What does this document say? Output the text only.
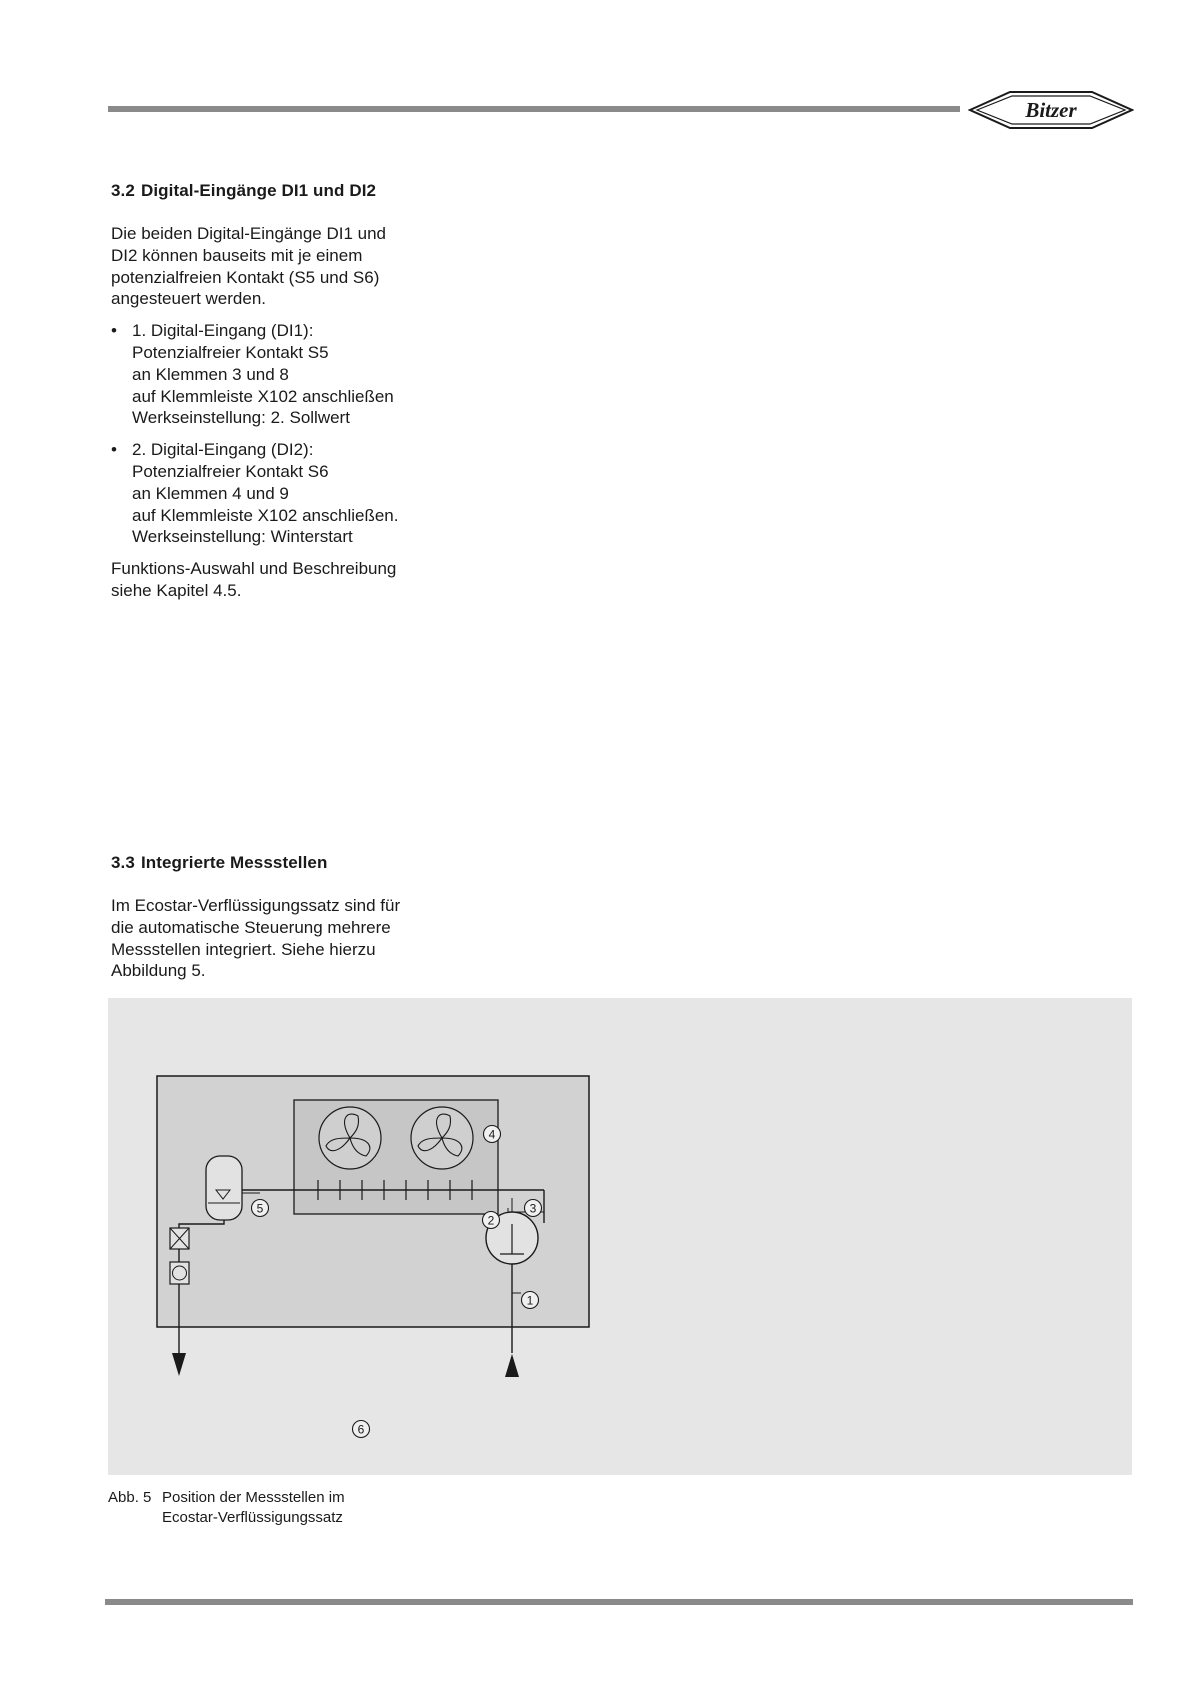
Bitzer
3.2 Digital-Eingänge DI1 und DI2

Die beiden Digital-Eingänge DI1 und
DI2 können bauseits mit je einem
potenzialfreien Kontakt (S5 und S6)
angesteuert werden.

• 1. Digital-Eingang (DI1):
Potenzialfreier Kontakt S5
an Klemmen 3 und 8
auf Klemmleiste X102 anschließen
Werkseinstellung: 2. Sollwert
• 2. Digital-Eingang (DI2):
Potenzialfreier Kontakt S6
an Klemmen 4 und 9
auf Klemmleiste X102 anschließen.
Werkseinstellung: Winterstart

Funktions-Auswahl und Beschreibung
siehe Kapitel 4.5.

3.3 Integrierte Messstellen

Im Ecostar-Verflüssigungssatz sind für
die automatische Steuerung mehrere
Messstellen integriert. Siehe hierzu
Abbildung 5.

4
5	3
2
1
6
Abb. 5 Position der Messstellen im
Ecostar-Verflüssigungssatz
